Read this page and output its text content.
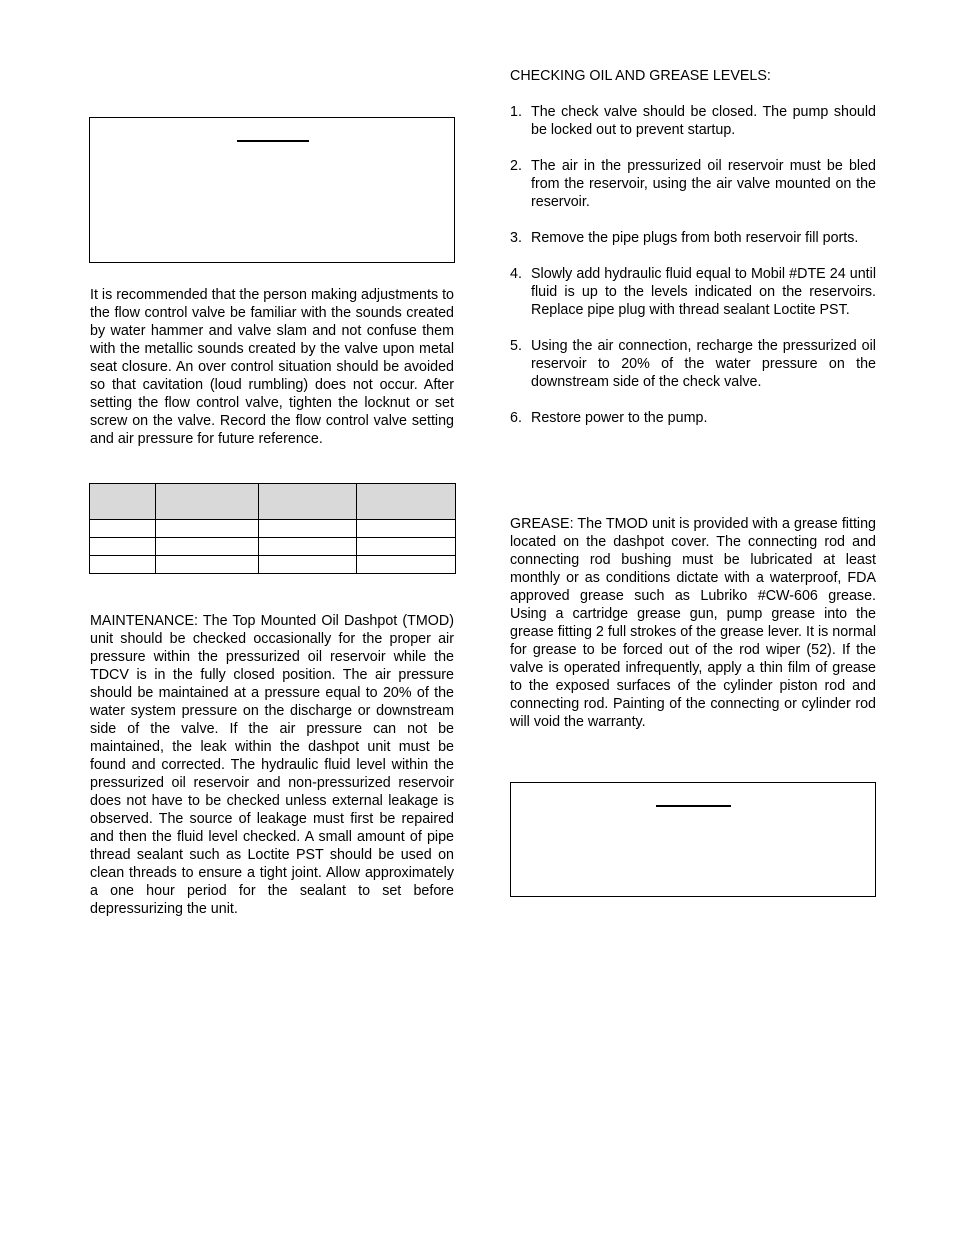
It is recommended that the person making adjustments to the flow control valve be familiar with the sounds created by water hammer and valve slam and not confuse them with the metallic sounds created by the valve upon metal seat closure. An over control situation should be avoided so that cavitation (loud rumbling) does not occur. After setting the flow control valve, tighten the locknut or set screw on the valve. Record the flow control valve setting and air pressure for future reference.

MAINTENANCE: The Top Mounted Oil Dashpot (TMOD) unit should be checked occasionally for the proper air pressure within the pressurized oil reservoir while the TDCV is in the fully closed position. The air pressure should be maintained at a pressure equal to 20% of the water system pressure on the discharge or downstream side of the valve. If the air pressure can not be maintained, the leak within the dashpot unit must be found and corrected. The hydraulic fluid level within the pressurized oil reservoir and non-pressurized reservoir does not have to be checked unless external leakage is observed. The source of leakage must first be repaired and then the fluid level checked. A small amount of pipe thread sealant such as Loctite PST should be used on clean threads to ensure a tight joint. Allow approximately a one hour period for the sealant to set before depressurizing the unit.

CHECKING OIL AND GREASE LEVELS:

1. The check valve should be closed. The pump should be locked out to prevent startup.
2. The air in the pressurized oil reservoir must be bled from the reservoir, using the air valve mounted on the reservoir.
3. Remove the pipe plugs from both reservoir fill ports.
4. Slowly add hydraulic fluid equal to Mobil #DTE 24 until fluid is up to the levels indicated on the reservoirs. Replace pipe plug with thread sealant Loctite PST.
5. Using the air connection, recharge the pressurized oil reservoir to 20% of the water pressure on the downstream side of the check valve.
6. Restore power to the pump.

GREASE: The TMOD unit is provided with a grease fitting located on the dashpot cover. The connecting rod and connecting rod bushing must be lubricated at least monthly or as conditions dictate with a waterproof, FDA approved grease such as Lubriko #CW-606 grease. Using a cartridge grease gun, pump grease into the grease fitting 2 full strokes of the grease lever. It is normal for grease to be forced out of the rod wiper (52). If the valve is operated infrequently, apply a thin film of grease to the exposed surfaces of the cylinder piston rod and connecting rod. Painting of the connecting or cylinder rod will void the warranty.
